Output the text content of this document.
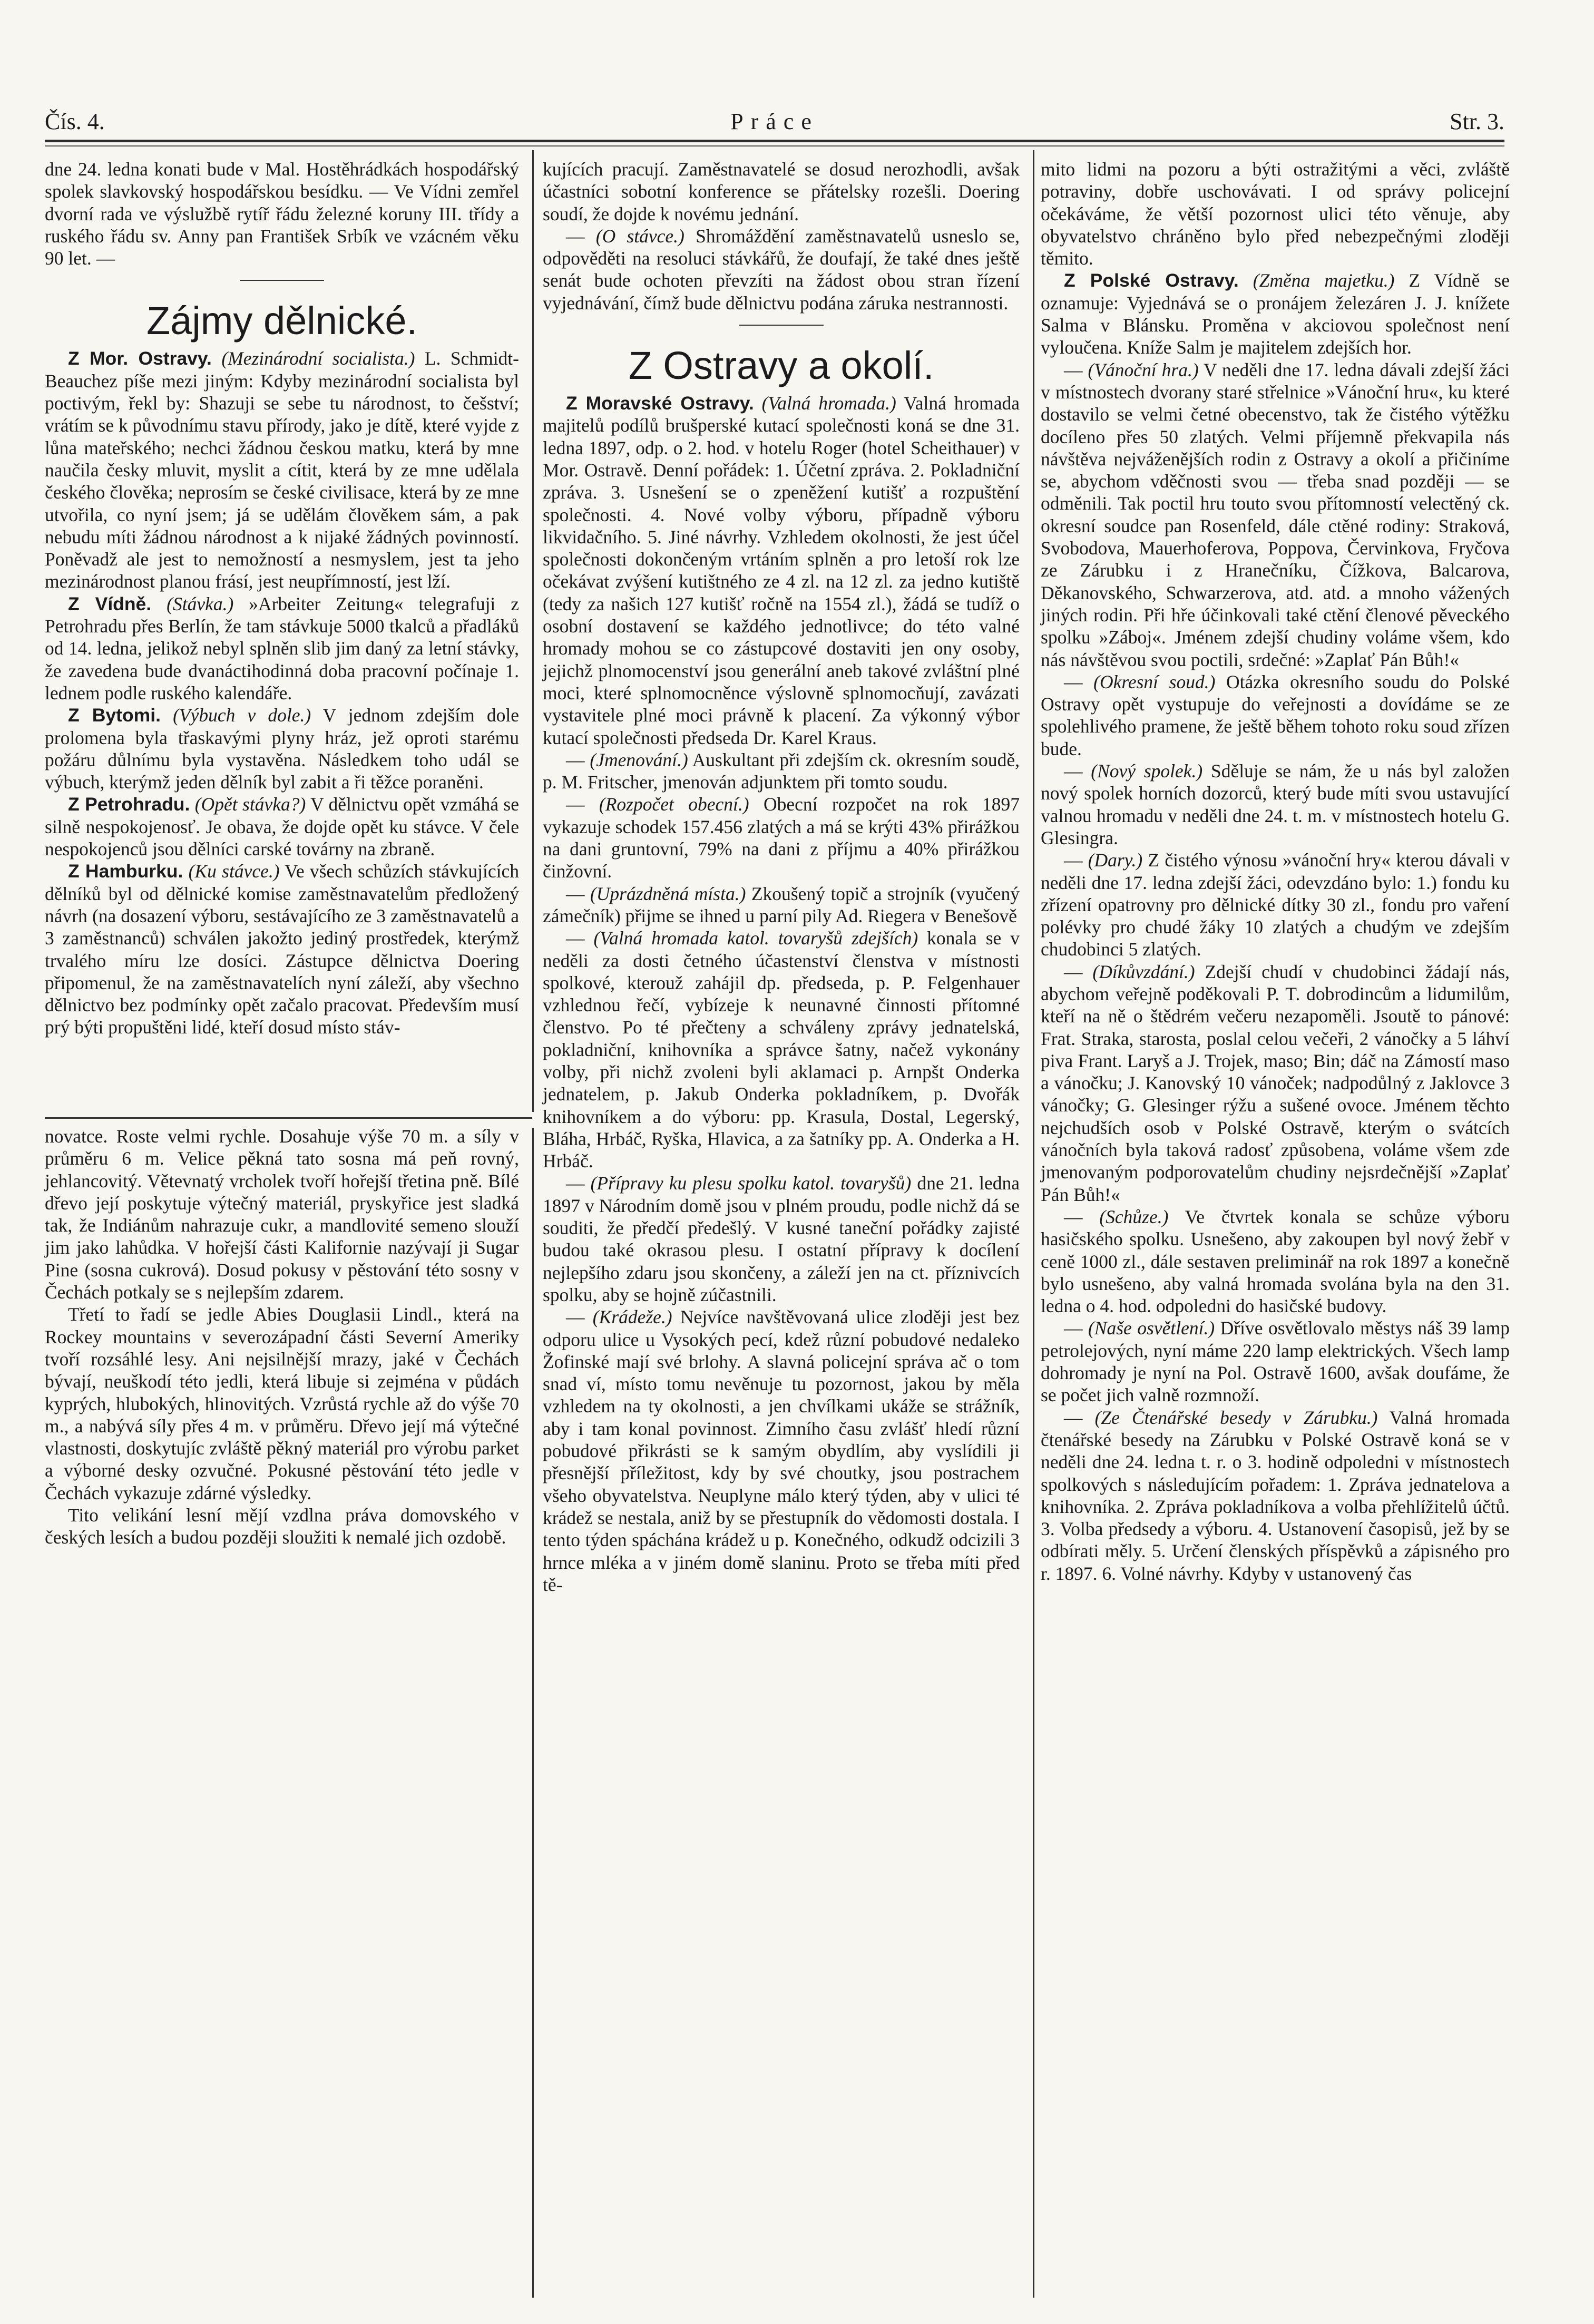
Čís. 4.	Práce	Str. 3.

dne 24. ledna konati bude v Mal. Hostěhrádkách hospodářský spolek slavkovský hospodářskou besídku. — Ve Vídni zemřel dvorní rada ve výslužbě rytíř řádu železné koruny III. třídy a ruského řádu sv. Anny pan František Srbík ve vzácném věku 90 let. —

Zájmy dělnické.

Z Mor. Ostravy. (Mezinárodní socialista.) L. Schmidt-Beauchez píše mezi jiným: Kdyby mezinárodní socialista byl poctivým, řekl by: Shazuji se sebe tu národnost, to češství; vrátím se k původnímu stavu přírody, jako je dítě, které vyjde z lůna mateřského; nechci žádnou českou matku, která by mne naučila česky mluvit, myslit a cítit, která by ze mne udělala českého člověka; neprosím se české civilisace, která by ze mne utvořila, co nyní jsem; já se udělám člověkem sám, a pak nebudu míti žádnou národnost a k nijaké žádných povinností. Poněvadž ale jest to nemožností a nesmyslem, jest ta jeho mezinárodnost planou frásí, jest neupřímností, jest lží.

Z Vídně. (Stávka.) »Arbeiter Zeitung« telegrafuji z Petrohradu přes Berlín, že tam stávkuje 5000 tkalců a přadláků od 14. ledna, jelikož nebyl splněn slib jim daný za letní stávky, že zavedena bude dvanáctihodinná doba pracovní počínaje 1. lednem podle ruského kalendáře.

Z Bytomi. (Výbuch v dole.) V jednom zdejším dole prolomena byla třaskavými plyny hráz, jež oproti starému požáru důlnímu byla vystavěna. Následkem toho udál se výbuch, kterýmž jeden dělník byl zabit a ři těžce poraněni.

Z Petrohradu. (Opět stávka?) V dělnictvu opět vzmáhá se silně nespokojenosť. Je obava, že dojde opět ku stávce. V čele nespokojenců jsou dělníci carské továrny na zbraně.

Z Hamburku. (Ku stávce.) Ve všech schůzích stávkujících dělníků byl od dělnické komise zaměstnavatelům předložený návrh (na dosazení výboru, sestávajícího ze 3 zaměstnavatelů a 3 zaměstnanců) schválen jakožto jediný prostředek, kterýmž trvalého míru lze dosíci. Zástupce dělnictva Doering připomenul, že na zaměstnavatelích nyní záleží, aby všechno dělnictvo bez podmínky opět začalo pracovat. Především musí prý býti propuštěni lidé, kteří dosud místo stáv-

novatce. Roste velmi rychle. Dosahuje výše 70 m. a síly v průměru 6 m. Velice pěkná tato sosna má peň rovný, jehlancovitý. Větevnatý vrcholek tvoří hořejší třetina pně. Bílé dřevo její poskytuje výtečný materiál, pryskyřice jest sladká tak, že Indiánům nahrazuje cukr, a mandlovité semeno slouží jim jako lahůdka. V hořejší části Kalifornie nazývají ji Sugar Pine (sosna cukrová). Dosud pokusy v pěstování této sosny v Čechách potkaly se s nejlepším zdarem.

Třetí to řadí se jedle Abies Douglasii Lindl., která na Rockey mountains v severozápadní části Severní Ameriky tvoří rozsáhlé lesy. Ani nejsilnější mrazy, jaké v Čechách bývají, neuškodí této jedli, která libuje si zejména v půdách kyprých, hlubokých, hlinovitých. Vzrůstá rychle až do výše 70 m., a nabývá síly přes 4 m. v průměru. Dřevo její má výtečné vlastnosti, doskytujíc zvláště pěkný materiál pro výrobu parket a výborné desky ozvučné. Pokusné pěstování této jedle v Čechách vykazuje zdárné výsledky.

Tito velikání lesní mějí vzdlna práva domovského v českých lesích a budou později sloužiti k nemalé jich ozdobě.

kujících pracují. Zaměstnavatelé se dosud nerozhodli, avšak účastníci sobotní konference se přátelsky rozešli. Doering soudí, že dojde k novému jednání.

— (O stávce.) Shromáždění zaměstnavatelů usneslo se, odpověděti na resoluci stávkářů, že doufají, že také dnes ještě senát bude ochoten převzíti na žádost obou stran řízení vyjednávání, čímž bude dělnictvu podána záruka nestrannosti.

Z Ostravy a okolí.

Z Moravské Ostravy. (Valná hromada.) Valná hromada majitelů podílů brušperské kutací společnosti koná se dne 31. ledna 1897, odp. o 2. hod. v hotelu Roger (hotel Scheithauer) v Mor. Ostravě. Denní pořádek: 1. Účetní zpráva. 2. Pokladniční zpráva. 3. Usnešení se o zpeněžení kutišť a rozpuštění společnosti. 4. Nové volby výboru, případně výboru likvidačního. 5. Jiné návrhy. Vzhledem okolnosti, že jest účel společnosti dokončeným vrtáním splněn a pro letoší rok lze očekávat zvýšení kutištného ze 4 zl. na 12 zl. za jedno kutiště (tedy za našich 127 kutišť ročně na 1554 zl.), žádá se tudíž o osobní dostavení se každého jednotlivce; do této valné hromady mohou se co zástupcové dostaviti jen ony osoby, jejichž plnomocenství jsou generální aneb takové zvláštní plné moci, které splnomocněnce výslovně splnomocňují, zavázati vystavitele plné moci právně k placení. Za výkonný výbor kutací společnosti předseda Dr. Karel Kraus.

— (Jmenování.) Auskultant při zdejším ck. okresním soudě, p. M. Fritscher, jmenován adjunktem při tomto soudu.

— (Rozpočet obecní.) Obecní rozpočet na rok 1897 vykazuje schodek 157.456 zlatých a má se krýti 43% přirážkou na dani gruntovní, 79% na dani z příjmu a 40% přirážkou činžovní.

— (Uprázdněná místa.) Zkoušený topič a strojník (vyučený zámečník) přijme se ihned u parní pily Ad. Riegera v Benešově

— (Valná hromada katol. tovaryšů zdejších) konala se v neděli za dosti četného účastenství členstva v místnosti spolkové, kterouž zahájil dp. předseda, p. P. Felgenhauer vzhlednou řečí, vybízeje k neunavné činnosti přítomné členstvo. Po té přečteny a schváleny zprávy jednatelská, pokladniční, knihovníka a správce šatny, načež vykonány volby, při nichž zvoleni byli aklamaci p. Arnpšt Onderka jednatelem, p. Jakub Onderka pokladníkem, p. Dvořák knihovníkem a do výboru: pp. Krasula, Dostal, Legerský, Bláha, Hrbáč, Ryška, Hlavica, a za šatníky pp. A. Onderka a H. Hrbáč.

— (Přípravy ku plesu spolku katol. tovaryšů) dne 21. ledna 1897 v Národním domě jsou v plném proudu, podle nichž dá se souditi, že předčí předešlý. V kusné taneční pořádky zajisté budou také okrasou plesu. I ostatní přípravy k docílení nejlepšího zdaru jsou skončeny, a záleží jen na ct. příznivcích spolku, aby se hojně zúčastnili.

— (Krádeže.) Nejvíce navštěvovaná ulice zloději jest bez odporu ulice u Vysokých pecí, kdež různí pobudové nedaleko Žofinské mají své brlohy. A slavná policejní správa ač o tom snad ví, místo tomu nevěnuje tu pozornost, jakou by měla vzhledem na ty okolnosti, a jen chvílkami ukáže se strážník, aby i tam konal povinnost. Zimního času zvlášť hledí různí pobudové přikrásti se k samým obydlím, aby vyslídili ji přesnější příležitost, kdy by své choutky, jsou postrachem všeho obyvatelstva. Neuplyne málo který týden, aby v ulici té krádež se nestala, aniž by se přestupník do vědomosti dostala. I tento týden spáchána krádež u p. Konečného, odkudž odcizili 3 hrnce mléka a v jiném domě slaninu. Proto se třeba míti před tě-

mito lidmi na pozoru a býti ostražitými a věci, zvláště potraviny, dobře uschovávati. I od správy policejní očekáváme, že větší pozornost ulici této věnuje, aby obyvatelstvo chráněno bylo před nebezpečnými zloději těmito.

Z Polské Ostravy. (Změna majetku.) Z Vídně se oznamuje: Vyjednává se o pronájem železáren J. J. knížete Salma v Blánsku. Proměna v akciovou společnost není vyloučena. Kníže Salm je majitelem zdejších hor.

— (Vánoční hra.) V neděli dne 17. ledna dávali zdejší žáci v místnostech dvorany staré střelnice »Vánoční hru«, ku které dostavilo se velmi četné obecenstvo, tak že čistého výtěžku docíleno přes 50 zlatých. Velmi příjemně překvapila nás návštěva nejváženějších rodin z Ostravy a okolí a přičiníme se, abychom vděčnosti svou — třeba snad později — se odměnili. Tak poctil hru touto svou přítomností velectěný ck. okresní soudce pan Rosenfeld, dále ctěné rodiny: Straková, Svobodova, Mauerhoferova, Poppova, Červinkova, Fryčova ze Zárubku i z Hranečníku, Čížkova, Balcarova, Děkanovského, Schwarzerova, atd. atd. a mnoho vážených jiných rodin. Při hře účinkovali také ctění členové pěveckého spolku »Záboj«. Jménem zdejší chudiny voláme všem, kdo nás návštěvou svou poctili, srdečné: »Zaplať Pán Bůh!«

— (Okresní soud.) Otázka okresního soudu do Polské Ostravy opět vystupuje do veřejnosti a dovídáme se ze spolehlivého pramene, že ještě během tohoto roku soud zřízen bude.

— (Nový spolek.) Sděluje se nám, že u nás byl založen nový spolek horních dozorců, který bude míti svou ustavující valnou hromadu v neděli dne 24. t. m. v místnostech hotelu G. Glesingra.

— (Dary.) Z čistého výnosu »vánoční hry« kterou dávali v neděli dne 17. ledna zdejší žáci, odevzdáno bylo: 1.) fondu ku zřízení opatrovny pro dělnické dítky 30 zl., fondu pro vaření polévky pro chudé žáky 10 zlatých a chudým ve zdejším chudobinci 5 zlatých.

— (Díkůvzdání.) Zdejší chudí v chudobinci žádají nás, abychom veřejně poděkovali P. T. dobrodincům a lidumilům, kteří na ně o štědrém večeru nezapoměli. Jsoutě to pánové: Frat. Straka, starosta, poslal celou večeři, 2 vánočky a 5 láhví piva Frant. Laryš a J. Trojek, maso; Bin; dáč na Zámostí maso a vánočku; J. Kanovský 10 vánoček; nadpodůlný z Jaklovce 3 vánočky; G. Glesinger rýžu a sušené ovoce. Jménem těchto nejchudších osob v Polské Ostravě, kterým o svátcích vánočních byla taková radosť způsobena, voláme všem zde jmenovaným podporovatelům chudiny nejsrdečnější »Zaplať Pán Bůh!«

— (Schůze.) Ve čtvrtek konala se schůze výboru hasičského spolku. Usnešeno, aby zakoupen byl nový žebř v ceně 1000 zl., dále sestaven preliminář na rok 1897 a konečně bylo usnešeno, aby valná hromada svolána byla na den 31. ledna o 4. hod. odpoledni do hasičské budovy.

— (Naše osvětlení.) Dříve osvětlovalo městys náš 39 lamp petrolejových, nyní máme 220 lamp elektrických. Všech lamp dohromady je nyní na Pol. Ostravě 1600, avšak doufáme, že se počet jich valně rozmnoží.

— (Ze Čtenářské besedy v Zárubku.) Valná hromada čtenářské besedy na Zárubku v Polské Ostravě koná se v neděli dne 24. ledna t. r. o 3. hodině odpoledni v místnostech spolkových s následujícím pořadem: 1. Zpráva jednatelova a knihovníka. 2. Zpráva pokladníkova a volba přehlížitelů účtů. 3. Volba předsedy a výboru. 4. Ustanovení časopisů, jež by se odbírati měly. 5. Určení členských příspěvků a zápisného pro r. 1897. 6. Volné návrhy. Kdyby v ustanovený čas
